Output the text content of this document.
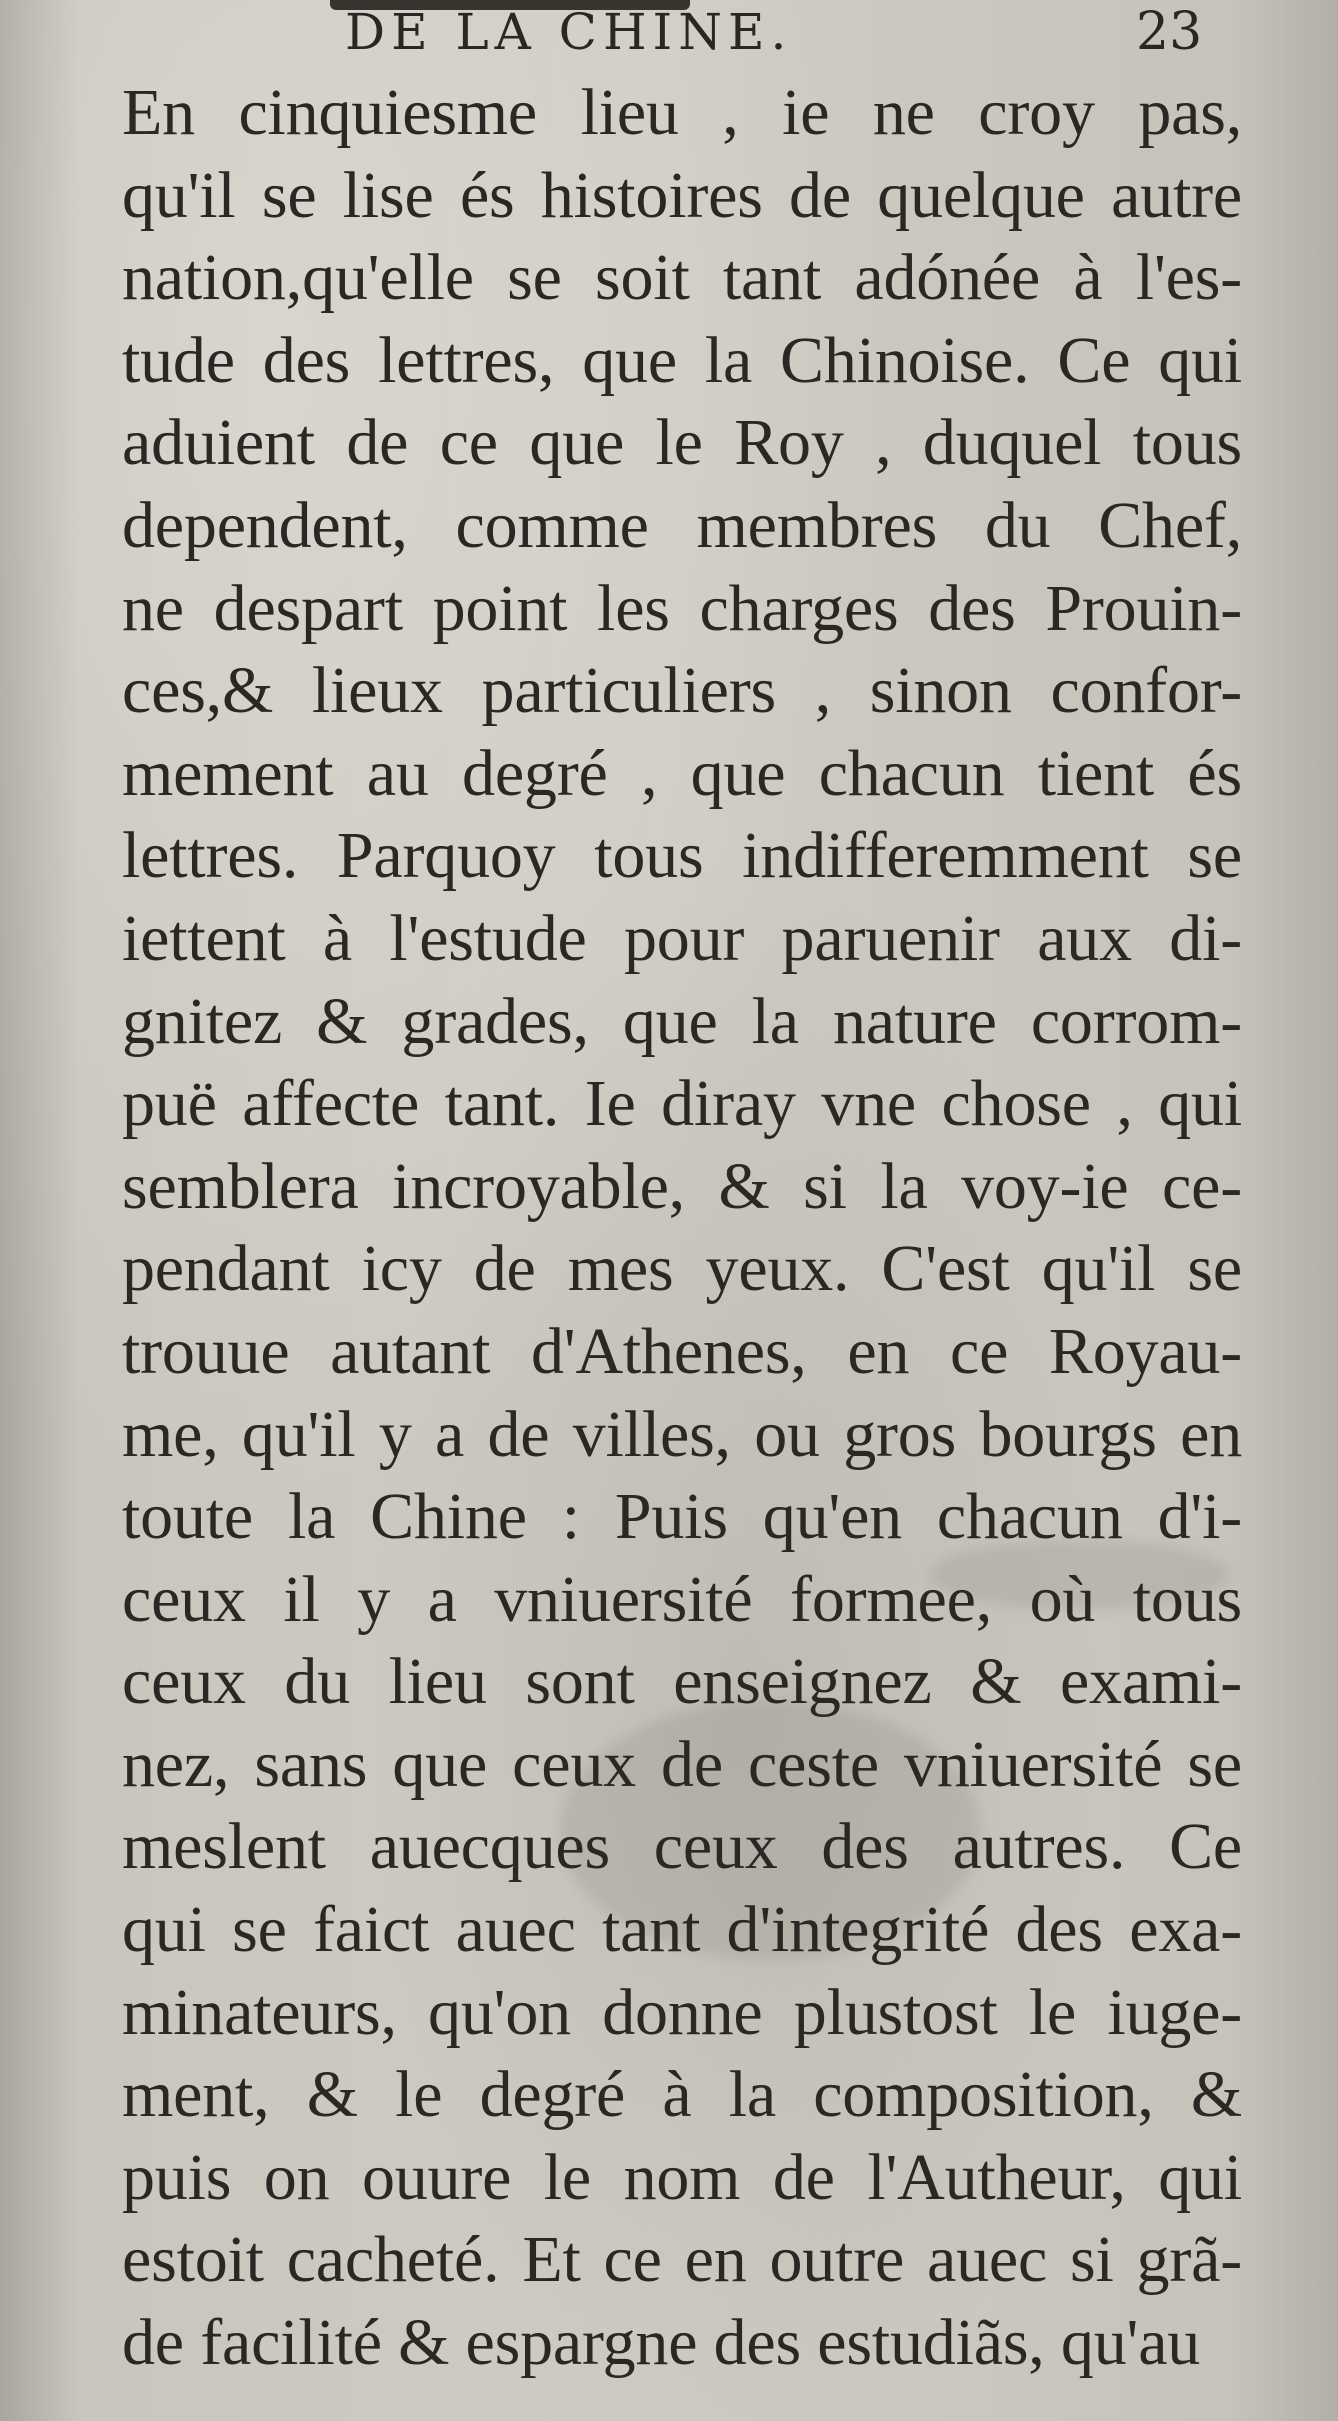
DE LA CHINE.	23
En cinquiesme lieu , ie ne croy pas,
qu'il se lise és histoires de quelque autre
nation,qu'elle se soit tant adónée à l'es-
tude des lettres, que la Chinoise. Ce qui
aduient de ce que le Roy , duquel tous
dependent, comme membres du Chef,
ne despart point les charges des Prouin-
ces,& lieux particuliers , sinon confor-
mement au degré , que chacun tient és
lettres. Parquoy tous indifferemment se
iettent à l'estude pour paruenir aux di-
gnitez & grades, que la nature corrom-
puë affecte tant. Ie diray vne chose , qui
semblera incroyable, & si la voy-ie ce-
pendant icy de mes yeux. C'est qu'il se
trouue autant d'Athenes, en ce Royau-
me, qu'il y a de villes, ou gros bourgs en
toute la Chine : Puis qu'en chacun d'i-
ceux il y a vniuersité formee, où tous
ceux du lieu sont enseignez & exami-
nez, sans que ceux de ceste vniuersité se
meslent auecques ceux des autres. Ce
qui se faict auec tant d'integrité des exa-
minateurs, qu'on donne plustost le iuge-
ment, & le degré à la composition, &
puis on ouure le nom de l'Autheur, qui
estoit cacheté. Et ce en outre auec si grã-
de facilité & espargne des estudiãs, qu'au
